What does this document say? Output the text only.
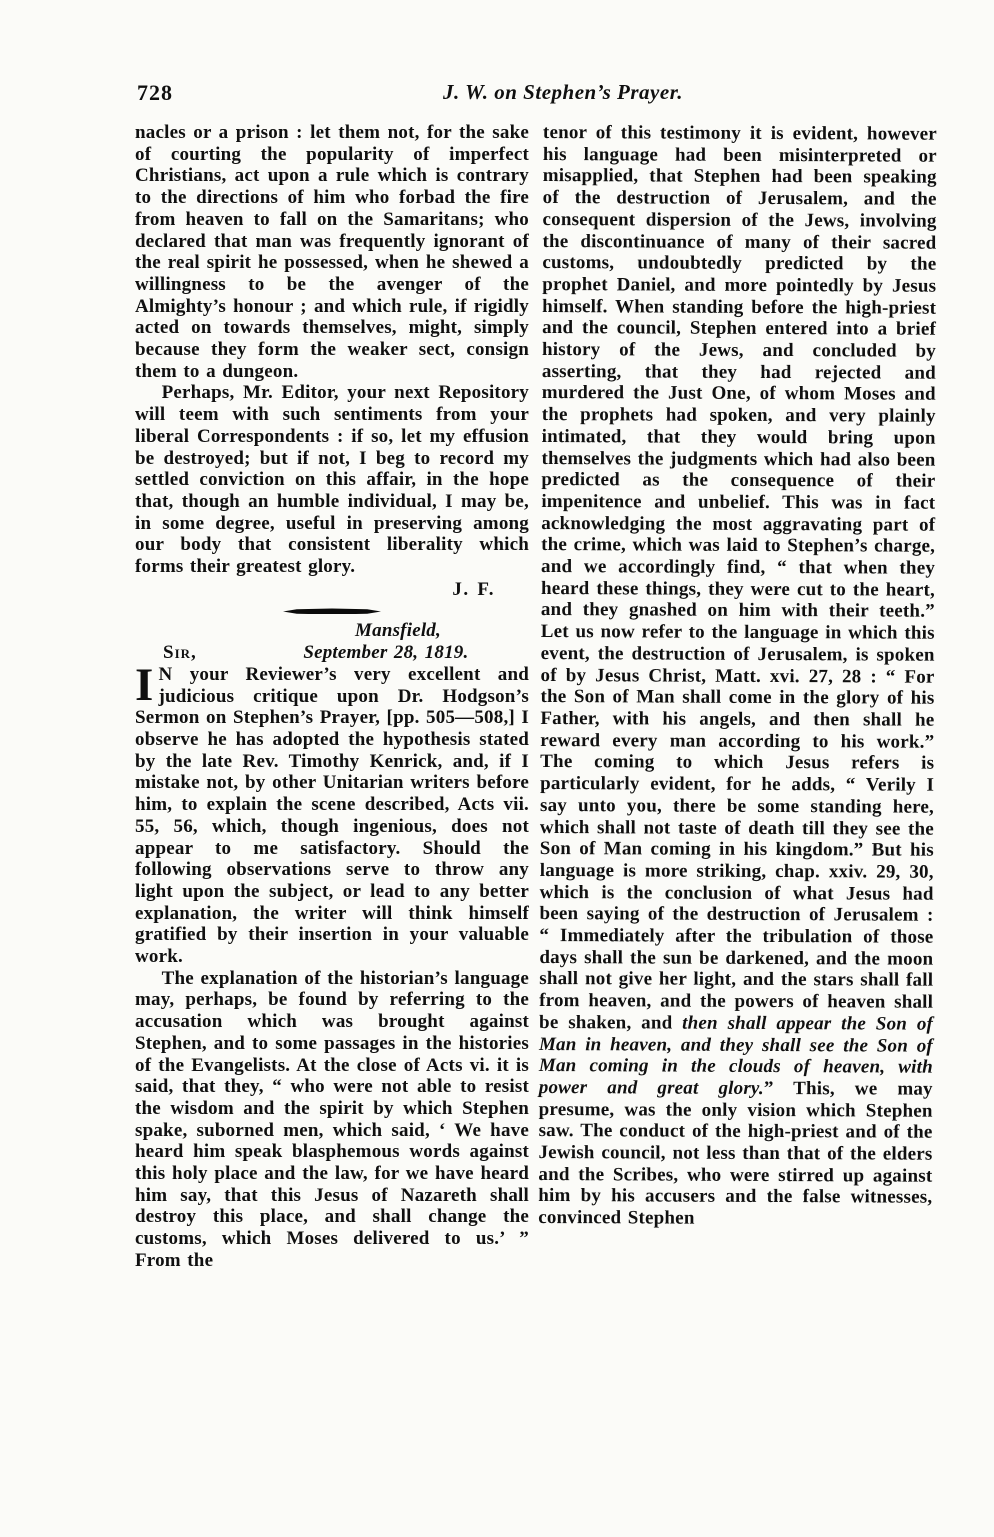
728	J. W. on Stephen’s Prayer.

nacles or a prison : let them not, for the sake of courting the popularity of imperfect Christians, act upon a rule which is contrary to the directions of him who forbad the fire from heaven to fall on the Samaritans; who declared that man was frequently ignorant of the real spirit he possessed, when he shewed a willingness to be the avenger of the Almighty’s honour ; and which rule, if rigidly acted on towards themselves, might, simply because they form the weaker sect, consign them to a dungeon.

Perhaps, Mr. Editor, your next Repository will teem with such sentiments from your liberal Correspondents : if so, let my effusion be destroyed; but if not, I beg to record my settled conviction on this affair, in the hope that, though an humble individual, I may be, in some degree, useful in preserving among our body that consistent liberality which forms their greatest glory.

J. F.
Mansfield,
Sir,	September 28, 1819.

I N your Reviewer’s very excellent and judicious critique upon Dr. Hodgson’s Sermon on Stephen’s Prayer, [pp. 505—508,] I observe he has adopted the hypothesis stated by the late Rev. Timothy Kenrick, and, if I mistake not, by other Unitarian writers before him, to explain the scene described, Acts vii. 55, 56, which, though ingenious, does not appear to me satisfactory. Should the following observations serve to throw any light upon the subject, or lead to any better explanation, the writer will think himself gratified by their insertion in your valuable work.

The explanation of the historian’s language may, perhaps, be found by referring to the accusation which was brought against Stephen, and to some passages in the histories of the Evangelists. At the close of Acts vi. it is said, that they, “ who were not able to resist the wisdom and the spirit by which Stephen spake, suborned men, which said, ‘ We have heard him speak blasphemous words against this holy place and the law, for we have heard him say, that this Jesus of Nazareth shall destroy this place, and shall change the customs, which Moses delivered to us.’ ” From the

tenor of this testimony it is evident, however his language had been misinterpreted or misapplied, that Stephen had been speaking of the destruction of Jerusalem, and the consequent dispersion of the Jews, involving the discontinuance of many of their sacred customs, undoubtedly predicted by the prophet Daniel, and more pointedly by Jesus himself. When standing before the high-priest and the council, Stephen entered into a brief history of the Jews, and concluded by asserting, that they had rejected and murdered the Just One, of whom Moses and the prophets had spoken, and very plainly intimated, that they would bring upon themselves the judgments which had also been predicted as the consequence of their impenitence and unbelief. This was in fact acknowledging the most aggravating part of the crime, which was laid to Stephen’s charge, and we accordingly find, “ that when they heard these things, they were cut to the heart, and they gnashed on him with their teeth.” Let us now refer to the language in which this event, the destruction of Jerusalem, is spoken of by Jesus Christ, Matt. xvi. 27, 28 : “ For the Son of Man shall come in the glory of his Father, with his angels, and then shall he reward every man according to his work.” The coming to which Jesus refers is particularly evident, for he adds, “ Verily I say unto you, there be some standing here, which shall not taste of death till they see the Son of Man coming in his kingdom.” But his language is more striking, chap. xxiv. 29, 30, which is the conclusion of what Jesus had been saying of the destruction of Jerusalem : “ Immediately after the tribulation of those days shall the sun be darkened, and the moon shall not give her light, and the stars shall fall from heaven, and the powers of heaven shall be shaken, and then shall appear the Son of Man in heaven, and they shall see the Son of Man coming in the clouds of heaven, with power and great glory.” This, we may presume, was the only vision which Stephen saw. The conduct of the high-priest and of the Jewish council, not less than that of the elders and the Scribes, who were stirred up against him by his accusers and the false witnesses, convinced Stephen
